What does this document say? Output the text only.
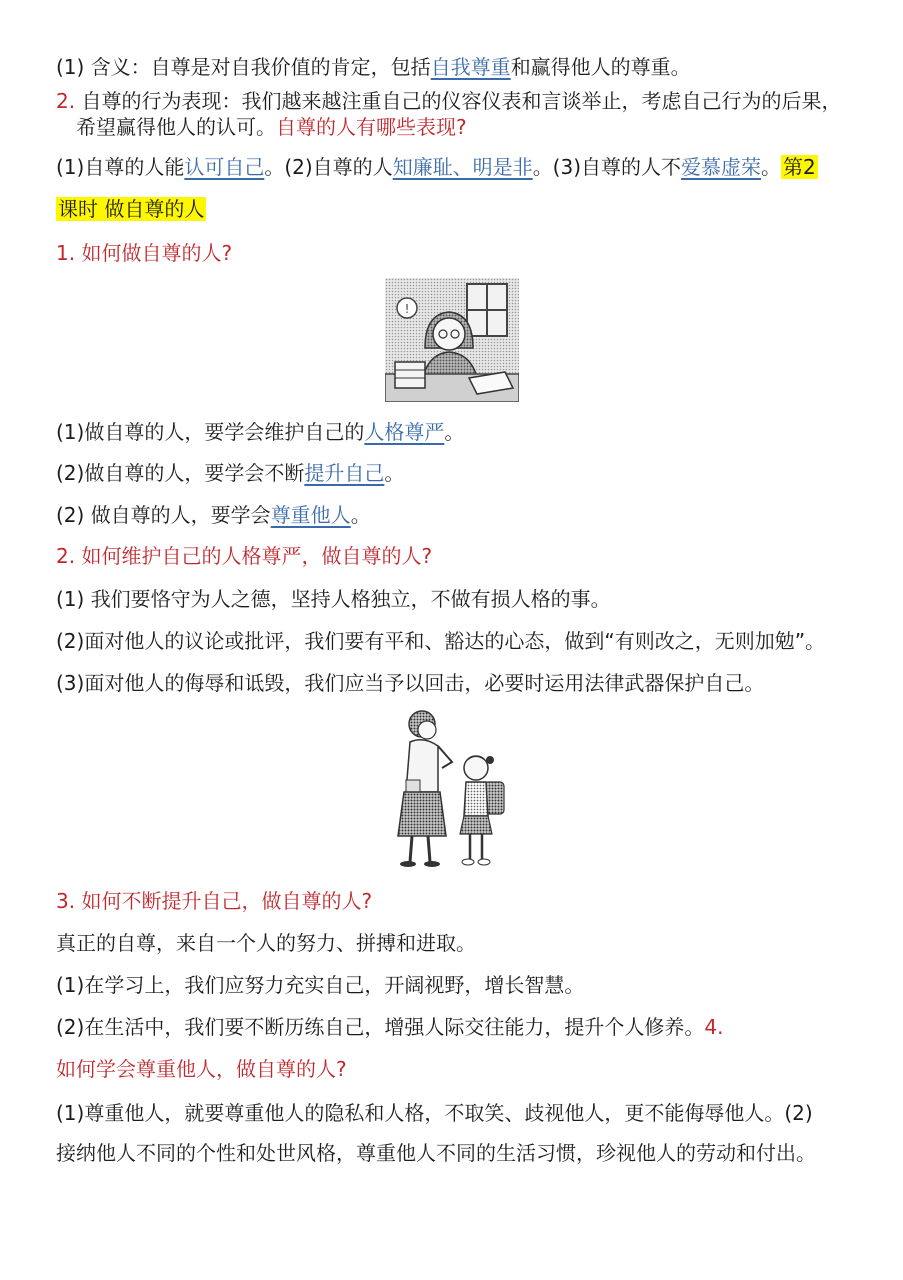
(1) 含义：自尊是对自我价值的肯定，包括自我尊重和赢得他人的尊重。
2. 自尊的行为表现：我们越来越注重自己的仪容仪表和言谈举止，考虑自己行为的后果，
希望赢得他人的认可。自尊的人有哪些表现?
(1)自尊的人能认可自己。(2)自尊的人知廉耻、明是非。(3)自尊的人不爱慕虚荣。 第2
课时 做自尊的人
1. 如何做自尊的人?
!
(1)做自尊的人，要学会维护自己的人格尊严。
(2)做自尊的人，要学会不断提升自己。
(2) 做自尊的人，要学会尊重他人。
2. 如何维护自己的人格尊严，做自尊的人?
(1) 我们要恪守为人之德，坚持人格独立，不做有损人格的事。
(2)面对他人的议论或批评，我们要有平和、豁达的心态，做到“有则改之，无则加勉”。
(3)面对他人的侮辱和诋毁，我们应当予以回击，必要时运用法律武器保护自己。
3. 如何不断提升自己，做自尊的人?
真正的自尊，来自一个人的努力、拼搏和进取。
(1)在学习上，我们应努力充实自己，开阔视野，增长智慧。
(2)在生活中，我们要不断历练自己，增强人际交往能力，提升个人修养。4.
如何学会尊重他人，做自尊的人?
(1)尊重他人，就要尊重他人的隐私和人格，不取笑、歧视他人，更不能侮辱他人。(2)
接纳他人不同的个性和处世风格，尊重他人不同的生活习惯，珍视他人的劳动和付出。
